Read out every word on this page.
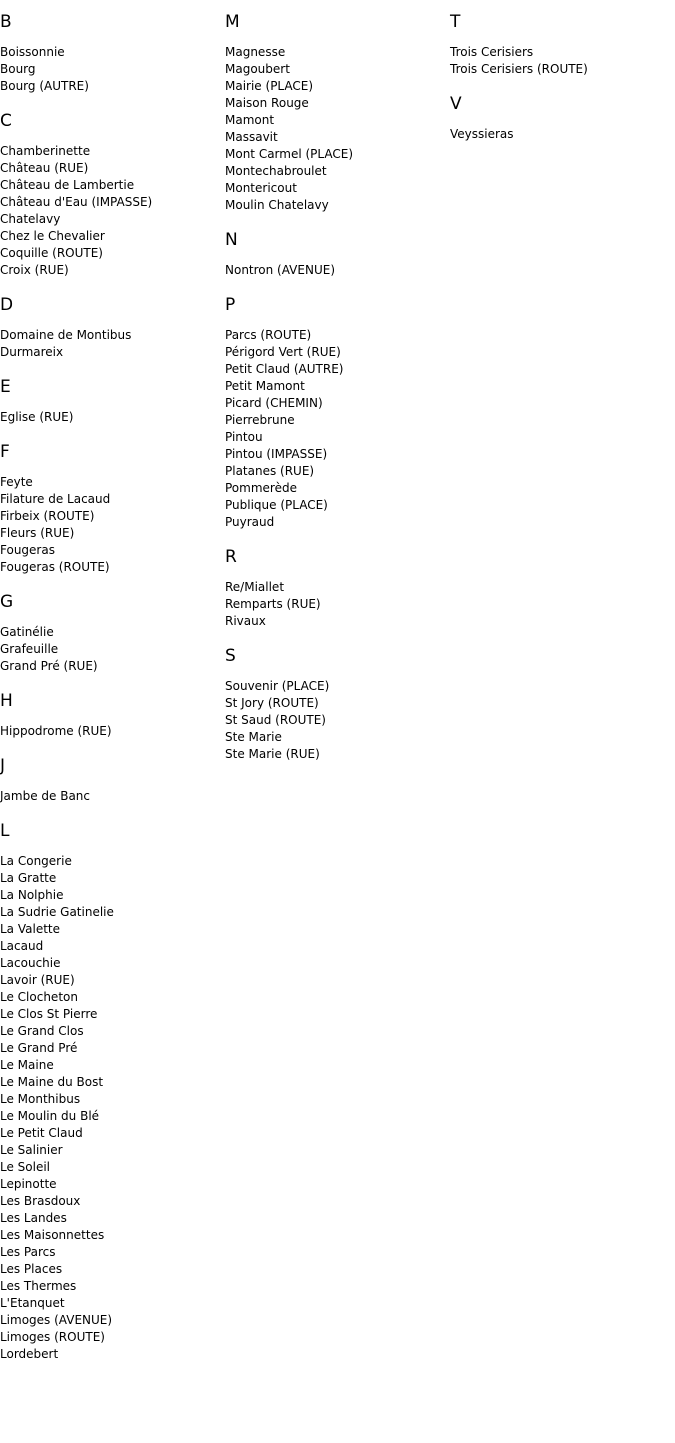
B
Boissonnie
Bourg
Bourg (AUTRE)
C
Chamberinette
Château (RUE)
Château de Lambertie
Château d'Eau (IMPASSE)
Chatelavy
Chez le Chevalier
Coquille (ROUTE)
Croix (RUE)
D
Domaine de Montibus
Durmareix
E
Eglise (RUE)
F
Feyte
Filature de Lacaud
Firbeix (ROUTE)
Fleurs (RUE)
Fougeras
Fougeras (ROUTE)
G
Gatinélie
Grafeuille
Grand Pré (RUE)
H
Hippodrome (RUE)
J
Jambe de Banc
L
La Congerie
La Gratte
La Nolphie
La Sudrie Gatinelie
La Valette
Lacaud
Lacouchie
Lavoir (RUE)
Le Clocheton
Le Clos St Pierre
Le Grand Clos
Le Grand Pré
Le Maine
Le Maine du Bost
Le Monthibus
Le Moulin du Blé
Le Petit Claud
Le Salinier
Le Soleil
Lepinotte
Les Brasdoux
Les Landes
Les Maisonnettes
Les Parcs
Les Places
Les Thermes
L'Etanquet
Limoges (AVENUE)
Limoges (ROUTE)
Lordebert
M
Magnesse
Magoubert
Mairie (PLACE)
Maison Rouge
Mamont
Massavit
Mont Carmel (PLACE)
Montechabroulet
Montericout
Moulin Chatelavy
N
Nontron (AVENUE)
P
Parcs (ROUTE)
Périgord Vert (RUE)
Petit Claud (AUTRE)
Petit Mamont
Picard (CHEMIN)
Pierrebrune
Pintou
Pintou (IMPASSE)
Platanes (RUE)
Pommerède
Publique (PLACE)
Puyraud
R
Re/Miallet
Remparts (RUE)
Rivaux
S
Souvenir (PLACE)
St Jory (ROUTE)
St Saud (ROUTE)
Ste Marie
Ste Marie (RUE)
T
Trois Cerisiers
Trois Cerisiers (ROUTE)
V
Veyssieras
